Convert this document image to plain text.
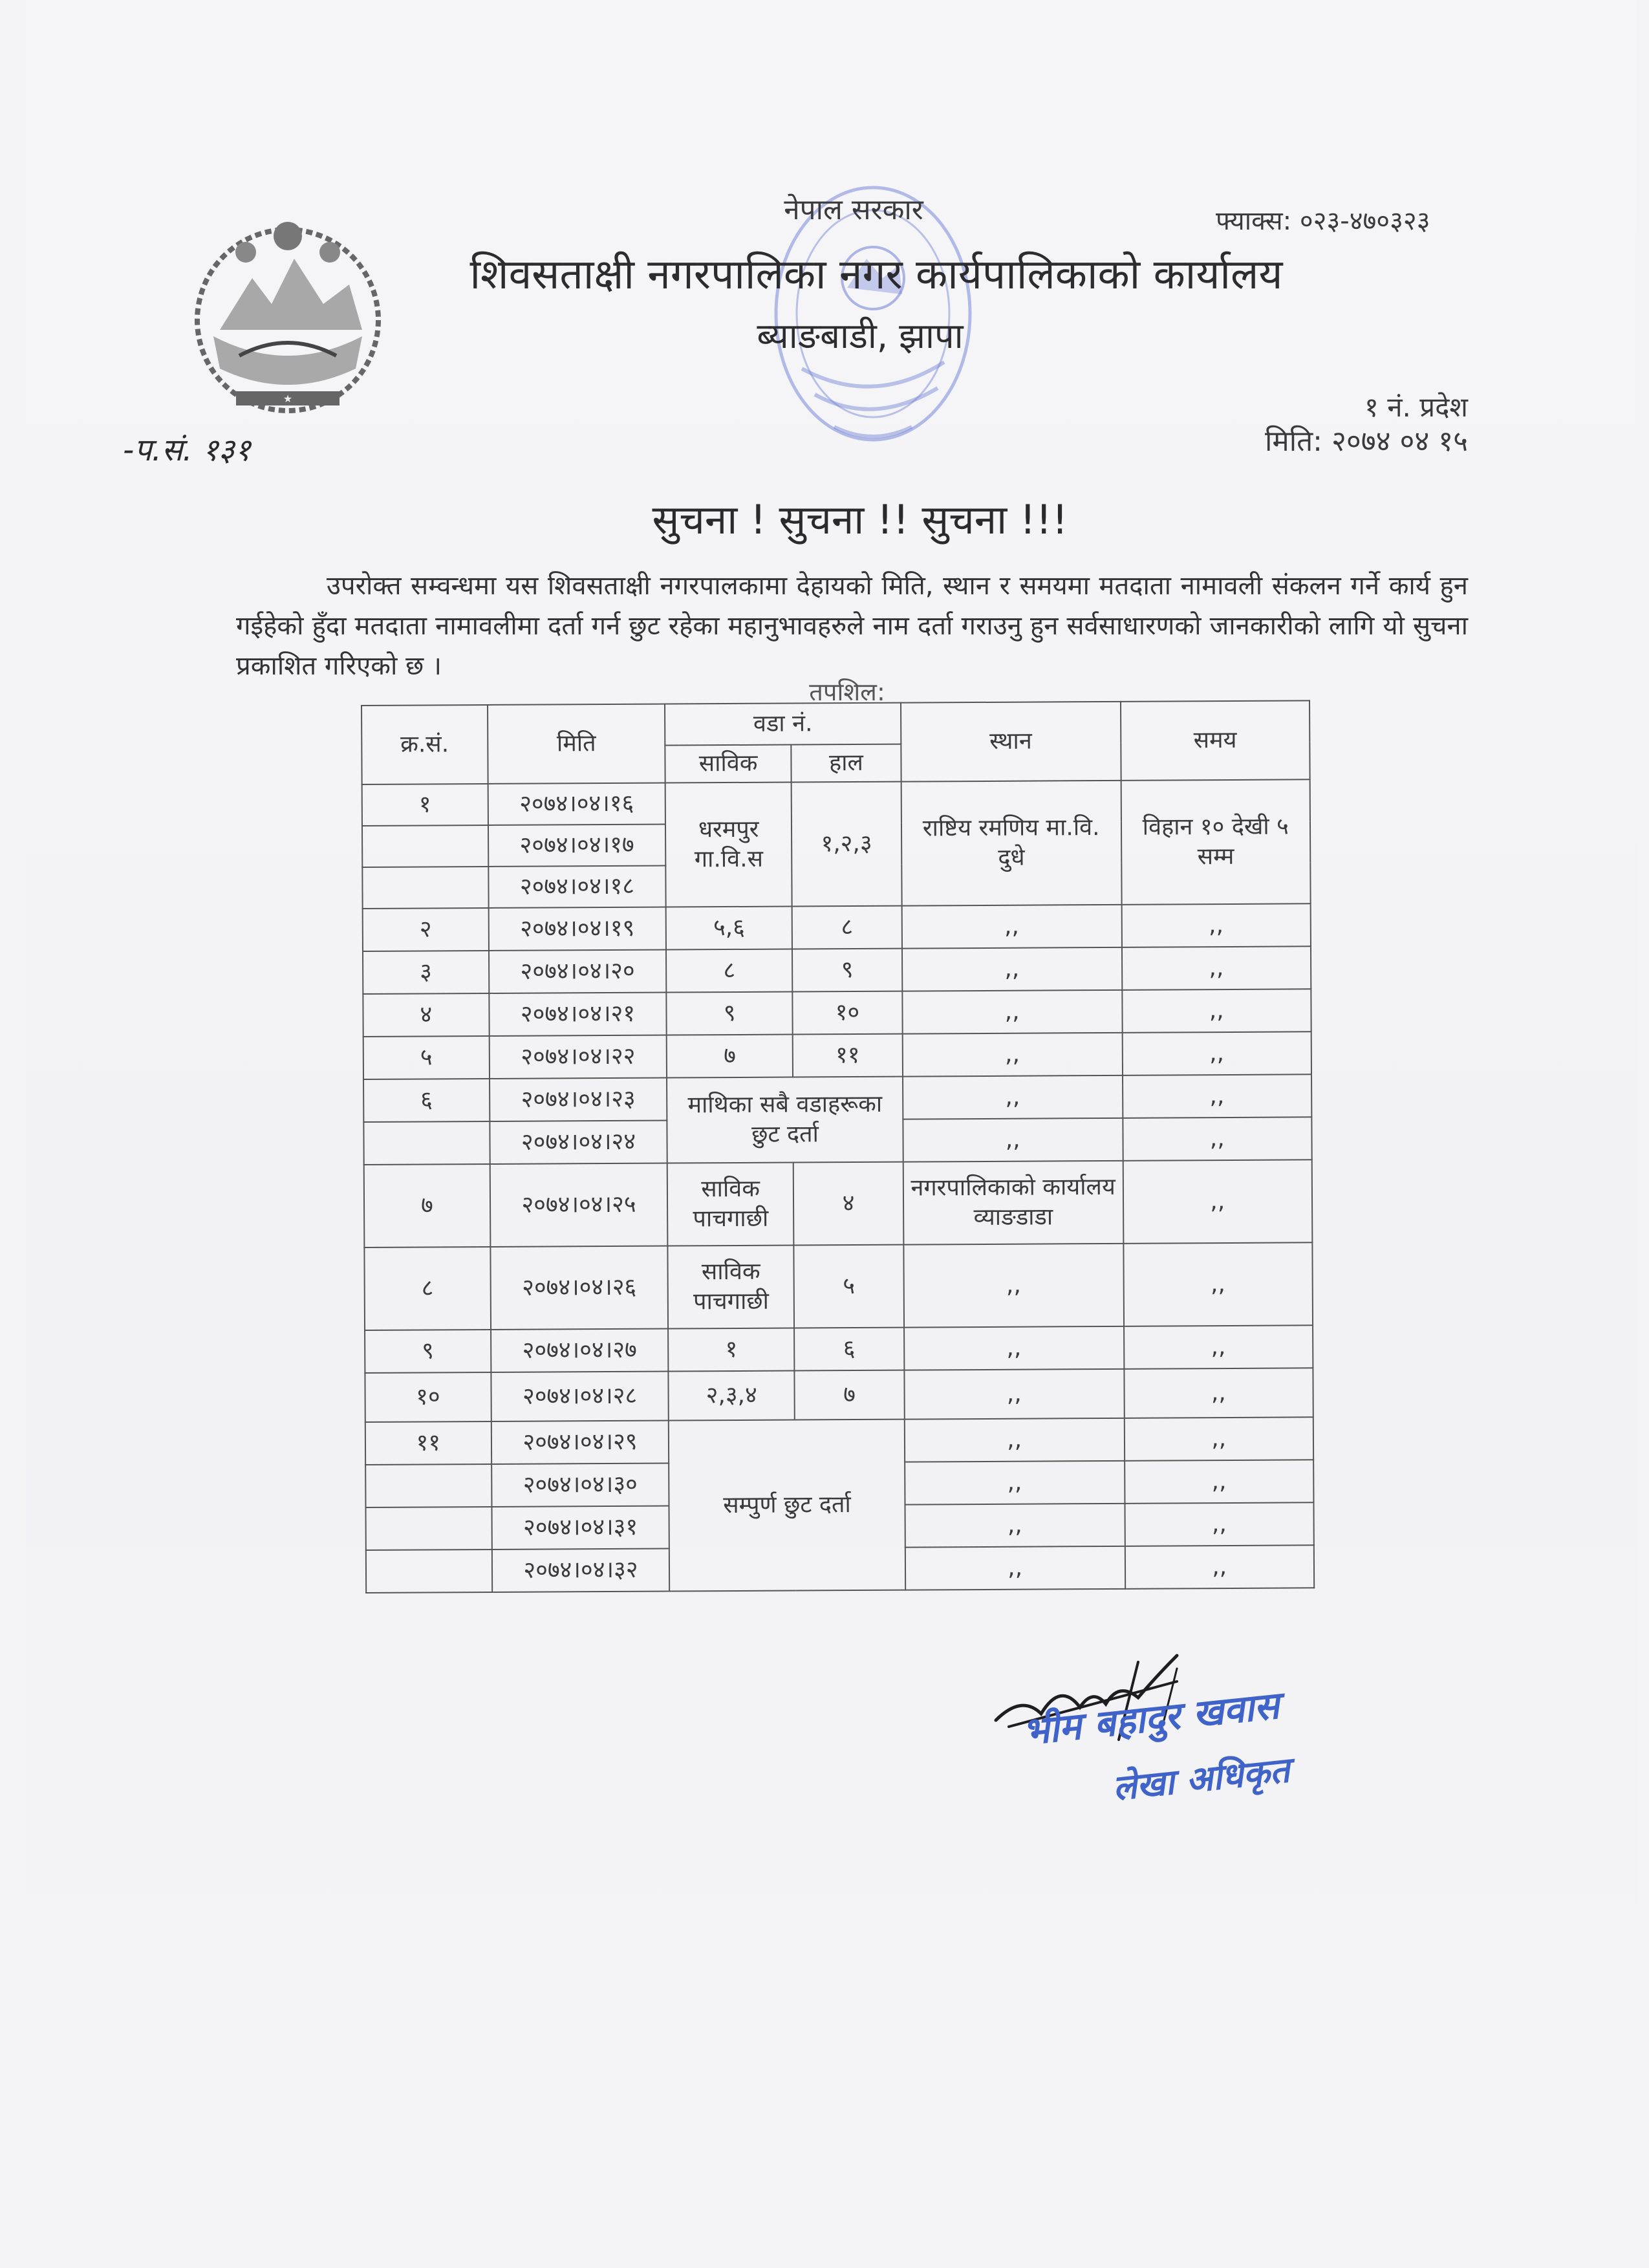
★
नेपाल सरकार	फ्याक्स: ०२३-४७०३२३
शिवसताक्षी नगरपालिका नगर कार्यपालिकाको कार्यालय
ब्याङबाडी, झापा
१ नं. प्रदेश
मिति: २०७४ ०४ १५
-प.सं. १३१
सुचना ! सुचना !! सुचना !!!
उपरोक्त सम्वन्धमा यस शिवसताक्षी नगरपालकामा देहायको मिति, स्थान र समयमा मतदाता नामावली संकलन गर्ने कार्य हुन गईहेको हुँदा मतदाता नामावलीमा दर्ता गर्न छुट रहेका महानुभावहरुले नाम दर्ता गराउनु हुन सर्वसाधारणको जानकारीको लागि यो सुचना प्रकाशित गरिएको छ ।
तपशिल:
क्र.सं.	मिति	वडा नं.		स्थान	समय
		साविक	हाल		
१	२०७४।०४।१६	धरमपुर गा.वि.स	१,२,३	राष्टिय रमणिय मा.वि. दुधे	विहान १० देखी ५ सम्म
	२०७४।०४।१७				
	२०७४।०४।१८				
२	२०७४।०४।१९	५,६	८	,,	,,
३	२०७४।०४।२०	८	९	,,	,,
४	२०७४।०४।२१	९	१०	,,	,,
५	२०७४।०४।२२	७	११	,,	,,
६	२०७४।०४।२३	माथिका सबै वडाहरूका छुट दर्ता		,,	,,
	२०७४।०४।२४			,,	,,
७	२०७४।०४।२५	साविक पाचगाछी	४	नगरपालिकाको कार्यालय व्याङडाडा	,,
८	२०७४।०४।२६	साविक पाचगाछी	५	,,	,,
९	२०७४।०४।२७	१	६	,,	,,
१०	२०७४।०४।२८	२,३,४	७	,,	,,
११	२०७४।०४।२९	सम्पुर्ण छुट दर्ता		,,	,,
	२०७४।०४।३०			,,	,,
	२०७४।०४।३१			,,	,,
	२०७४।०४।३२			,,	,,
भीम बहादुर खवास
लेखा अधिकृत
